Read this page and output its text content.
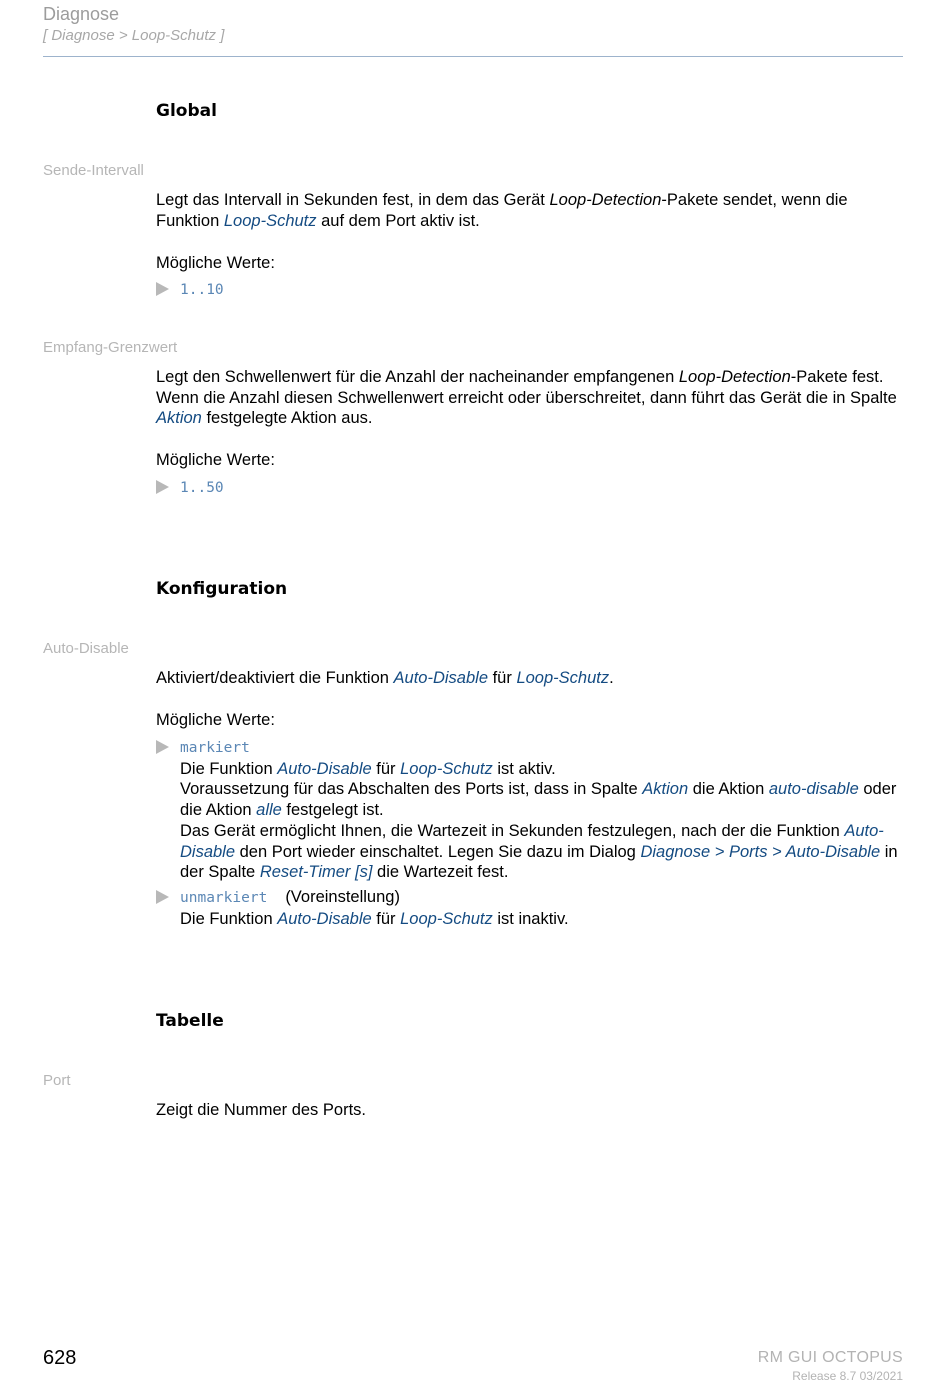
Diagnose
[ Diagnose > Loop-Schutz ]
Global
Sende-Intervall
Legt das Intervall in Sekunden fest, in dem das Gerät Loop-Detection-Pakete sendet, wenn die Funktion Loop-Schutz auf dem Port aktiv ist.
Mögliche Werte:
1..10
Empfang-Grenzwert
Legt den Schwellenwert für die Anzahl der nacheinander empfangenen Loop-Detection-Pakete fest. Wenn die Anzahl diesen Schwellenwert erreicht oder überschreitet, dann führt das Gerät die in Spalte Aktion festgelegte Aktion aus.
Mögliche Werte:
1..50
Konfiguration
Auto-Disable
Aktiviert/deaktiviert die Funktion Auto-Disable für Loop-Schutz.
Mögliche Werte:
markiert
Die Funktion Auto-Disable für Loop-Schutz ist aktiv.
Voraussetzung für das Abschalten des Ports ist, dass in Spalte Aktion die Aktion auto-disable oder die Aktion alle festgelegt ist.
Das Gerät ermöglicht Ihnen, die Wartezeit in Sekunden festzulegen, nach der die Funktion Auto-Disable den Port wieder einschaltet. Legen Sie dazu im Dialog Diagnose > Ports > Auto-Disable in der Spalte Reset-Timer [s] die Wartezeit fest.
unmarkiert (Voreinstellung)
Die Funktion Auto-Disable für Loop-Schutz ist inaktiv.
Tabelle
Port
Zeigt die Nummer des Ports.
628	RM GUI OCTOPUS
Release 8.7 03/2021
